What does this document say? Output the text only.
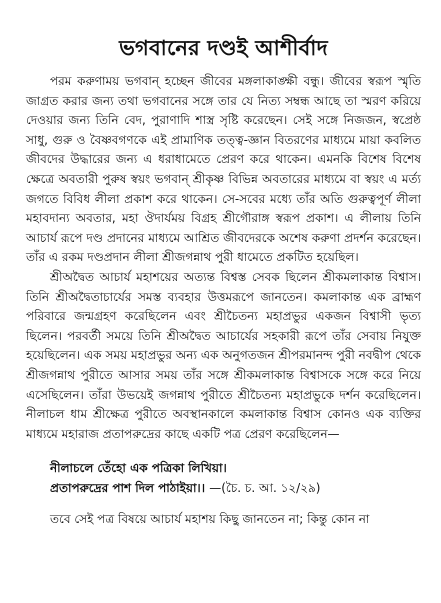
ভগবানের দণ্ডই আশীর্বাদ

পরম করুণাময় ভগবান্‌ হচ্ছেন জীবের মঙ্গলাকাঙ্ক্ষী বন্ধু। জীবের স্বরূপ স্মৃতি জাগ্রত করার জন্য তথা ভগবানের সঙ্গে তার যে নিত্য সম্বন্ধ আছে তা স্মরণ করিয়ে দেওয়ার জন্য তিনি বেদ, পুরাণাদি শাস্ত্র সৃষ্টি করেছেন। সেই সঙ্গে নিজজন, স্বপ্রেষ্ঠ সাধু, গুরু ও বৈষ্ণবগণকে এই প্রামাণিক তত্ত্ব-জ্ঞান বিতরণের মাধ্যমে মায়া কবলিত জীবদের উদ্ধারের জন্য এ ধরাধামেতে প্রেরণ করে থাকেন। এমনকি বিশেষ বিশেষ ক্ষেত্রে অবতারী পুরুষ স্বয়ং ভগবান্‌ শ্রীকৃষ্ণ বিভিন্ন অবতারের মাধ্যমে বা স্বয়ং এ মর্ত্য জগতে বিবিধ লীলা প্রকাশ করে থাকেন। সে-সবের মধ্যে তাঁর অতি গুরুত্বপূর্ণ লীলা মহাবদান্য অবতার, মহা ঔদার্যময় বিগ্রহ শ্রীগৌরাঙ্গ স্বরূপ প্রকাশ। এ লীলায় তিনি আচার্য রূপে দণ্ড প্রদানের মাধ্যমে আশ্রিত জীবদেরকে অশেষ করুণা প্রদর্শন করেছেন। তাঁর এ রকম দণ্ডপ্রদান লীলা শ্রীজগন্নাথ পুরী ধামেতে প্রকটিত হয়েছিল।

শ্রীঅদ্বৈত আচার্য মহাশয়ের অত্যন্ত বিশ্বস্ত সেবক ছিলেন শ্রীকমলাকান্ত বিশ্বাস। তিনি শ্রীঅদ্বৈতাচার্যের সমস্ত ব্যবহার উত্তমরূপে জানতেন। কমলাকান্ত এক ব্রাহ্মণ পরিবারে জন্মগ্রহণ করেছিলেন এবং শ্রীচৈতন্য মহাপ্রভুর একজন বিশ্বাসী ভৃত্য ছিলেন। পরবর্তী সময়ে তিনি শ্রীঅদ্বৈত আচার্যের সহকারী রূপে তাঁর সেবায় নিযুক্ত হয়েছিলেন। এক সময় মহাপ্রভুর অন্য এক অনুগতজন শ্রীপরমানন্দ পুরী নবদ্বীপ থেকে শ্রীজগন্নাথ পুরীতে আসার সময় তাঁর সঙ্গে শ্রীকমলাকান্ত বিশ্বাসকে সঙ্গে করে নিয়ে এসেছিলেন। তাঁরা উভয়েই জগন্নাথ পুরীতে শ্রীচৈতন্য মহাপ্রভুকে দর্শন করেছিলেন। নীলাচল ধাম শ্রীক্ষেত্র পুরীতে অবস্থানকালে কমলাকান্ত বিশ্বাস কোনও এক ব্যক্তির মাধ্যমে মহারাজ প্রতাপরুদ্রের কাছে একটি পত্র প্রেরণ করেছিলেন—

নীলাচলে তেঁহো এক পত্রিকা লিখিয়া।
প্রতাপরুদ্রের পাশ দিল পাঠাইয়া।। —(চৈ. চ. আ. ১২/২৯)

তবে সেই পত্র বিষয়ে আচার্য মহাশয় কিছু জানতেন না; কিন্তু কোন না
